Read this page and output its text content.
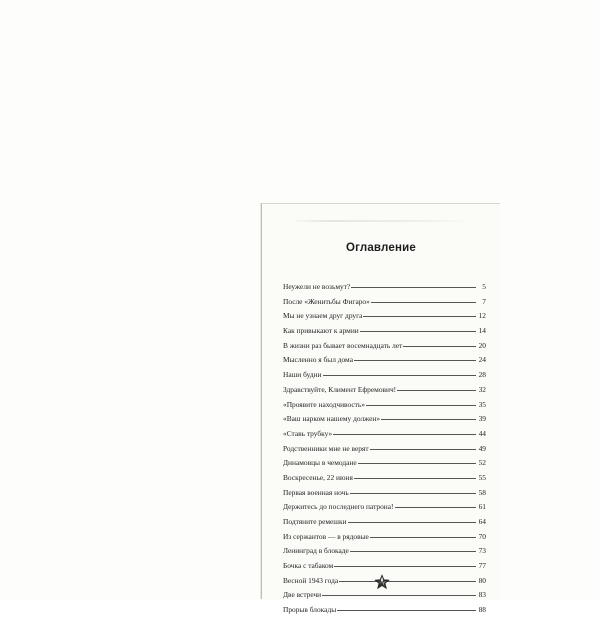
Оглавление
Неужели не возьмут?	5
После «Женитьбы Фигаро»	7
Мы не узнаем друг друга	12
Как привыкают к армии	14
В жизни раз бывает восемнадцать лет	20
Мысленно я был дома	24
Наши будни	28
Здравствуйте, Климент Ефремович!	32
«Проявите находчивость»	35
«Ваш нарком нашему должен»	39
«Ставь трубку»	44
Родственники мне не верят	49
Динамовцы в чемодане	52
Воскресенье, 22 июня	55
Первая военная ночь	58
Держитесь до последнего патрона!	61
Подтяните ремешки	64
Из сержантов — в рядовые	70
Ленинград в блокаде	73
Бочка с табаком	77
Весной 1943 года	80
Две встречи	83
Прорыв блокады	88
